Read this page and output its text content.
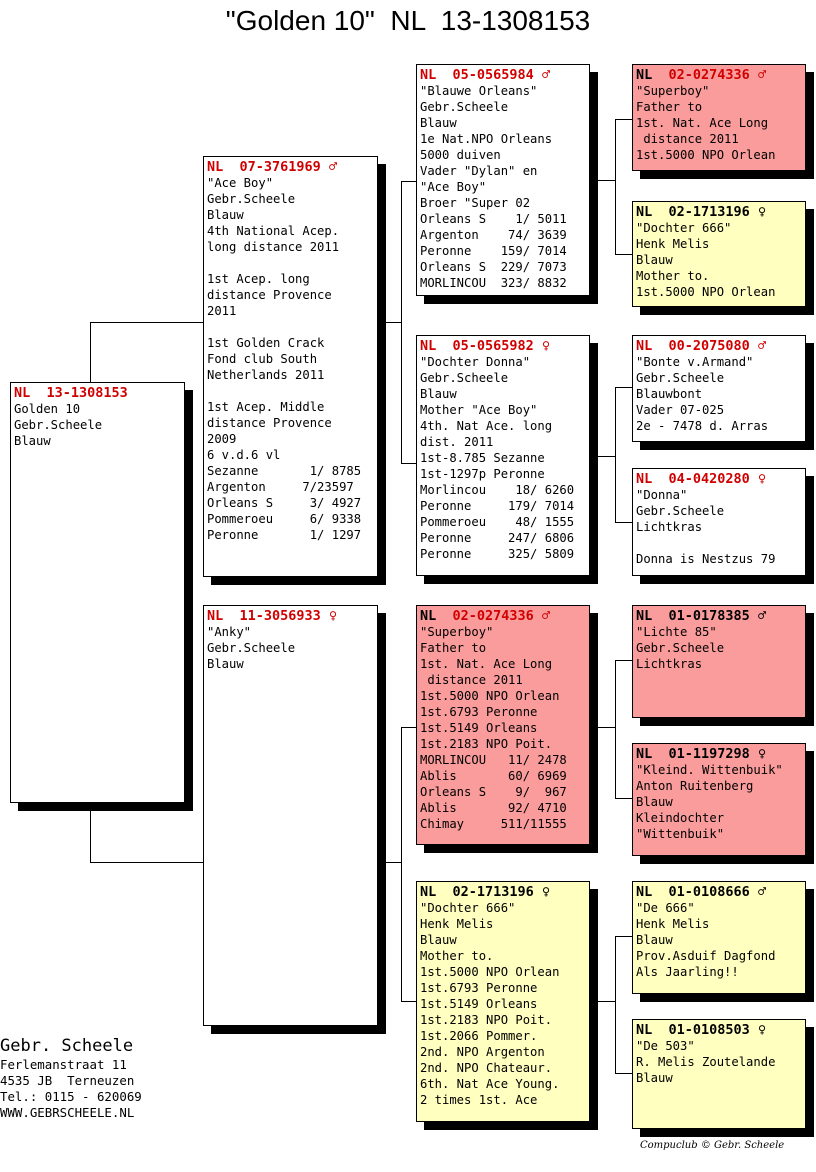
"Golden 10"  NL  13-1308153
NL 13-1308153
Golden 10
Gebr.Scheele
Blauw
NL 07-3761969 ♂
"Ace Boy"
Gebr.Scheele
Blauw
4th National Acep.
long distance 2011

1st Acep. long
distance Provence
2011

1st Golden Crack
Fond club South
Netherlands 2011

1st Acep. Middle
distance Provence
2009
6 v.d.6 vl
Sezanne       1/ 8785
Argenton     7/23597
Orleans S     3/ 4927
Pommeroeu     6/ 9338
Peronne       1/ 1297
NL 11-3056933 ♀
"Anky"
Gebr.Scheele
Blauw
NL 05-0565984 ♂
"Blauwe Orleans"
Gebr.Scheele
Blauw
1e Nat.NPO Orleans
5000 duiven
Vader "Dylan" en
"Ace Boy"
Broer "Super 02
Orleans S    1/ 5011
Argenton    74/ 3639
Peronne    159/ 7014
Orleans S  229/ 7073
MORLINCOU  323/ 8832
NL 05-0565982 ♀
"Dochter Donna"
Gebr.Scheele
Blauw
Mother "Ace Boy"
4th. Nat Ace. long
dist. 2011
1st-8.785 Sezanne
1st-1297p Peronne
Morlincou    18/ 6260
Peronne     179/ 7014
Pommeroeu    48/ 1555
Peronne     247/ 6806
Peronne     325/ 5809
NL 02-0274336 ♂
"Superboy"
Father to
1st. Nat. Ace Long
distance 2011
1st.5000 NPO Orlean
1st.6793 Peronne
1st.5149 Orleans
1st.2183 NPO Poit.
MORLINCOU   11/ 2478
Ablis       60/ 6969
Orleans S    9/  967
Ablis       92/ 4710
Chimay     511/11555
NL 02-1713196 ♀
"Dochter 666"
Henk Melis
Blauw
Mother to.
1st.5000 NPO Orlean
1st.6793 Peronne
1st.5149 Orleans
1st.2183 NPO Poit.
1st.2066 Pommer.
2nd. NPO Argenton
2nd. NPO Chateaur.
6th. Nat Ace Young.
2 times 1st. Ace
NL 02-0274336 ♂
"Superboy"
Father to
1st. Nat. Ace Long
distance 2011
1st.5000 NPO Orlean
NL 02-1713196 ♀
"Dochter 666"
Henk Melis
Blauw
Mother to.
1st.5000 NPO Orlean
NL 00-2075080 ♂
"Bonte v.Armand"
Gebr.Scheele
Blauwbont
Vader 07-025
2e - 7478 d. Arras
NL 04-0420280 ♀
"Donna"
Gebr.Scheele
Lichtkras

Donna is Nestzus 79
NL 01-0178385 ♂
"Lichte 85"
Gebr.Scheele
Lichtkras
NL 01-1197298 ♀
"Kleind. Wittenbuik"
Anton Ruitenberg
Blauw
Kleindochter
"Wittenbuik"
NL 01-0108666 ♂
"De 666"
Henk Melis
Blauw
Prov.Asduif Dagfond
Als Jaarling!!
NL 01-0108503 ♀
"De 503"
R. Melis Zoutelande
Blauw
Gebr. Scheele
Ferlemanstraat 11
4535 JB  Terneuzen
Tel.: 0115 - 620069
WWW.GEBRSCHEELE.NL
Compuclub © Gebr. Scheele
